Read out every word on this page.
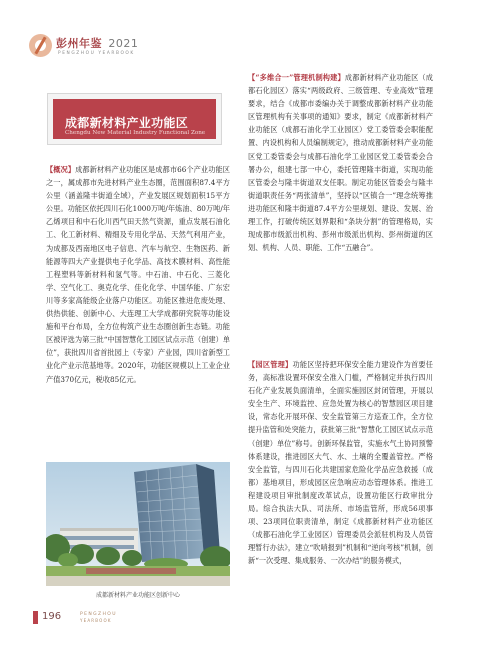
彭州年鉴 2021
PENGZHOU YEARBOOK
成都新材料产业功能区
Chengdu New Material Industry Functional Zone

【概况】成都新材料产业功能区是成都市66个产业功能区之一，属成都市先进材料产业生态圈，范围面积87.4平方公里（涵盖隆丰街道全域），产业发展区规划面积15平方公里。功能区依托四川石化1000万吨/年炼油、80万吨/年乙烯项目和中石化川西气田天然气资源，重点发展石油化工、化工新材料、精细及专用化学品、天然气利用产业，为成都及西南地区电子信息、汽车与航空、生物医药、新能源等四大产业提供电子化学品、高技术膜材料、高性能工程塑料等新材料和氢气等。中石油、中石化、三菱化学、空气化工、奥克化学、佳化化学、中国华能、广东宏川等多家高能级企业落户功能区。功能区推进危废处理、供热供能、创新中心、大连理工大学成都研究院等功能设施和平台布局，全方位构筑产业生态圈创新生态链。功能区被评选为第三批“中国智慧化工园区试点示范（创建）单位”，获批四川省首批园上（专家）产业园，四川省新型工业化产业示范基地等。2020年，功能区规模以上工业企业产值370亿元，税收85亿元。

成都新材料产业功能区创新中心

【“多维合一”管理机制构建】成都新材料产业功能区（成都石化园区）落实“两级政府、三级管理、专业高效”管理要求，结合《成都市委编办关于调整成都新材料产业功能区管理机构有关事项的通知》要求，制定《成都新材料产业功能区（成都石油化学工业园区）党工委管委会职能配置、内设机构和人员编制规定》，推动成都新材料产业功能区党工委管委会与成都石油化学工业园区党工委管委会合署办公，组建七部一中心，委托管理隆丰街道，实现功能区管委会与隆丰街道双支任职。制定功能区管委会与隆丰街道职责任务“两张清单”，坚持以“区镇合一”理念统筹推进功能区和隆丰街道87.4平方公里规划、建设、发展、治理工作，打破传统区划界限和“条块分割”的管理格局，实现成都市级派出机构、彭州市级派出机构、彭州街道的区划、机构、人员、职能、工作“五融合”。

【园区管理】功能区坚持把环保安全能力建设作为首要任务，高标准设置环保安全准入门槛，严格制定并执行四川石化产业发展负面清单，全面实施园区封闭管理，开展以安全生产、环境监控、应急处置为核心的智慧园区项目建设，常态化开展环保、安全监管第三方巡查工作，全方位提升监管和处突能力，获批第三批“智慧化工园区试点示范（创建）单位”称号。创新环保监管，实施水气土协同预警体系建设，推进园区大气、水、土壤的全覆盖管控。严格安全监管，与四川石化共建国家危险化学品应急救援（成都）基地项目，形成园区应急响应动态管理体系。推进工程建设项目审批制度改革试点，设置功能区行政审批分局。综合执法大队、司法所、市场监管所，形成56项事项、23项同位职责清单，制定《成都新材料产业功能区（成都石油化学工业园区）管理委员会派驻机构及人员管理暂行办法》，建立“吹哨报到”机制和“逆向考核”机制，创新“一次受理、集成服务、一次办结”的服务模式，

196	PENGZHOU
YEARBOOK
